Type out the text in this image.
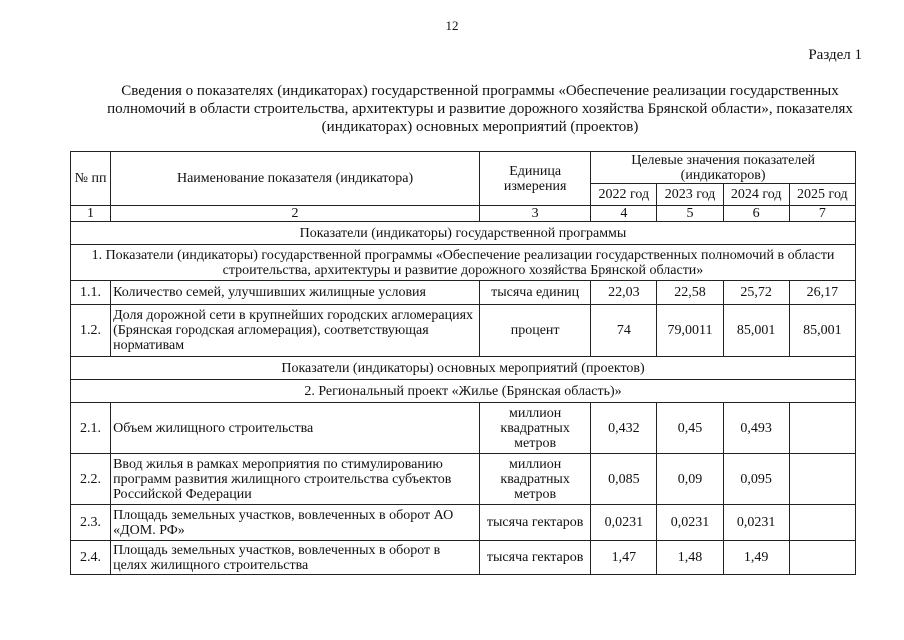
12
Раздел 1
Сведения о показателях (индикаторах) государственной программы «Обеспечение реализации государственных полномочий в области строительства, архитектуры и развитие дорожного хозяйства Брянской области», показателях (индикаторах) основных мероприятий (проектов)
№ пп	Наименование показателя (индикатора)	Единица измерения	Целевые значения показателей (индикаторов)			
			2022 год	2023 год	2024 год	2025 год
1	2	3	4	5	6	7
Показатели (индикаторы) государственной программы						
1. Показатели (индикаторы) государственной программы «Обеспечение реализации государственных полномочий в области строительства, архитектуры и развитие дорожного хозяйства Брянской области»						
1.1.	Количество семей, улучшивших жилищные условия	тысяча единиц	22,03	22,58	25,72	26,17
1.2.	Доля дорожной сети в крупнейших городских агломерациях (Брянская городская агломерация), соответствующая нормативам	процент	74	79,0011	85,001	85,001
Показатели (индикаторы) основных мероприятий (проектов)						
2. Региональный проект «Жилье (Брянская область)»						
2.1.	Объем жилищного строительства	миллион квадратных метров	0,432	0,45	0,493	
2.2.	Ввод жилья в рамках мероприятия по стимулированию программ развития жилищного строительства субъектов Российской Федерации	миллион квадратных метров	0,085	0,09	0,095	
2.3.	Площадь земельных участков, вовлеченных в оборот АО «ДОМ. РФ»	тысяча гектаров	0,0231	0,0231	0,0231	
2.4.	Площадь земельных участков, вовлеченных в оборот в целях жилищного строительства	тысяча гектаров	1,47	1,48	1,49	
